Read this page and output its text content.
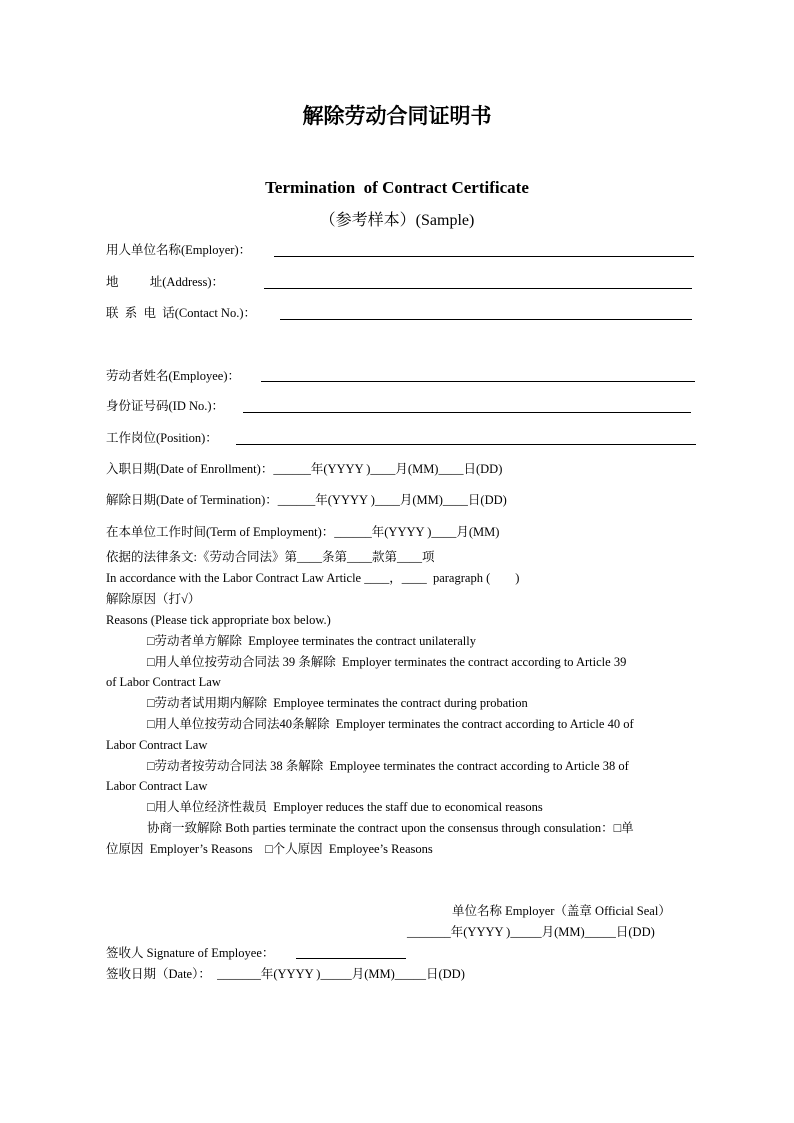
解除劳动合同证明书
Termination  of Contract Certificate
（参考样本）(Sample)
用人单位名称(Employer)：
地          址(Address)：
联  系  电  话(Contact No.)：
劳动者姓名(Employee)：
身份证号码(ID No.)：
工作岗位(Position)：
入职日期(Date of Enrollment)：______年(YYYY )____月(MM)____日(DD)
解除日期(Date of Termination)：______年(YYYY )____月(MM)____日(DD)
在本单位工作时间(Term of Employment)：______年(YYYY )____月(MM)
依据的法律条文:《劳动合同法》第____条第____款第____项
In accordance with the Labor Contract Law Article ____，____  paragraph (        )
解除原因（打√）
Reasons (Please tick appropriate box below.)
□劳动者单方解除  Employee terminates the contract unilaterally
□用人单位按劳动合同法 39 条解除  Employer terminates the contract according to Article 39
of Labor Contract Law
□劳动者试用期内解除  Employee terminates the contract during probation
□用人单位按劳动合同法40条解除  Employer terminates the contract according to Article 40 of
Labor Contract Law
□劳动者按劳动合同法 38 条解除  Employee terminates the contract according to Article 38 of
Labor Contract Law
□用人单位经济性裁员  Employer reduces the staff due to economical reasons
协商一致解除 Both parties terminate the contract upon the consensus through consulation：□单
位原因  Employer’s Reasons    □个人原因  Employee’s Reasons
单位名称 Employer（盖章 Official Seal）
_______年(YYYY )_____月(MM)_____日(DD)
签收人 Signature of Employee：
签收日期（Date）：  _______年(YYYY )_____月(MM)_____日(DD)
